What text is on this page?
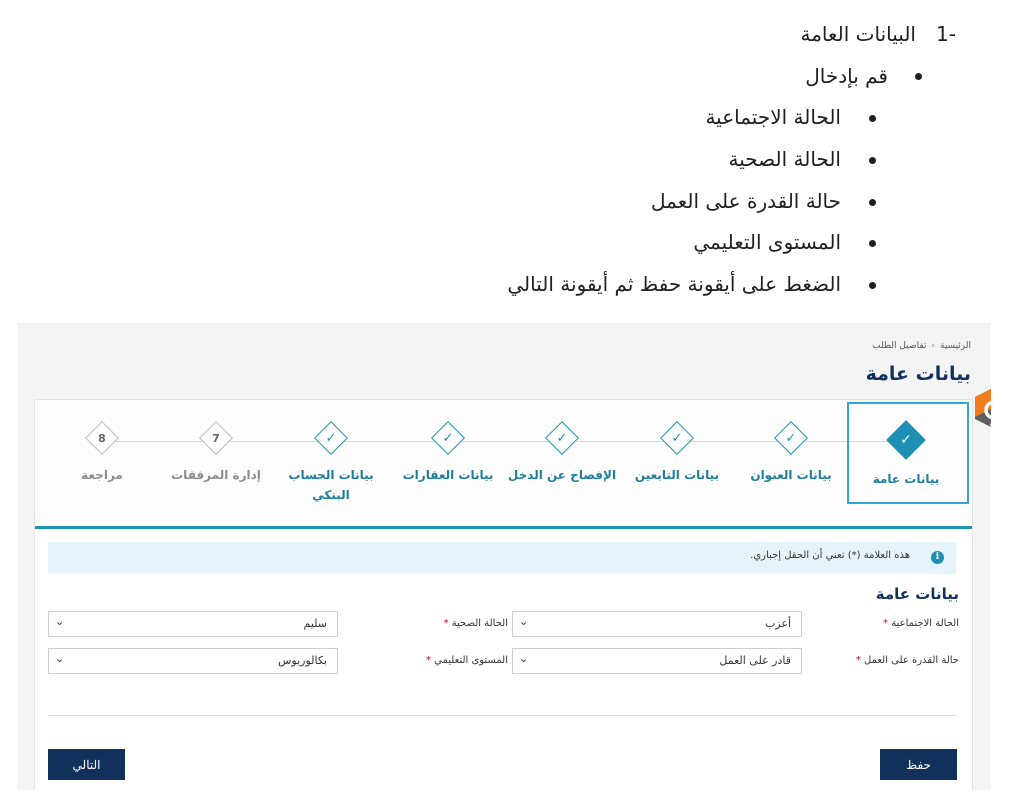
البيانات العامة -1
قم بإدخال
الحالة الاجتماعية
الحالة الصحية
حالة القدرة على العمل
المستوى التعليمي
الضغط على أيقونة حفظ ثم أيقونة التالي
الرئيسية›تفاصيل الطلب
بيانات عامة
✓
بيانات عامة
✓
بيانات العنوان
✓
بيانات التابعين
✓
الإفصاح عن الدخل
✓
بيانات العقارات
✓
بيانات الحساب البنكي
7
إدارة المرفقات
8
مراجعة
i
هذه العلامة (*) تعني أن الحقل إجباري.
بيانات عامة
الحالة الاجتماعية *
أعزب
⌄
الحالة الصحية *
سليم
⌄
حالة القدرة على العمل *
قادر على العمل
⌄
المستوى التعليمي *
بكالوريوس
⌄
حفظ
التالي
